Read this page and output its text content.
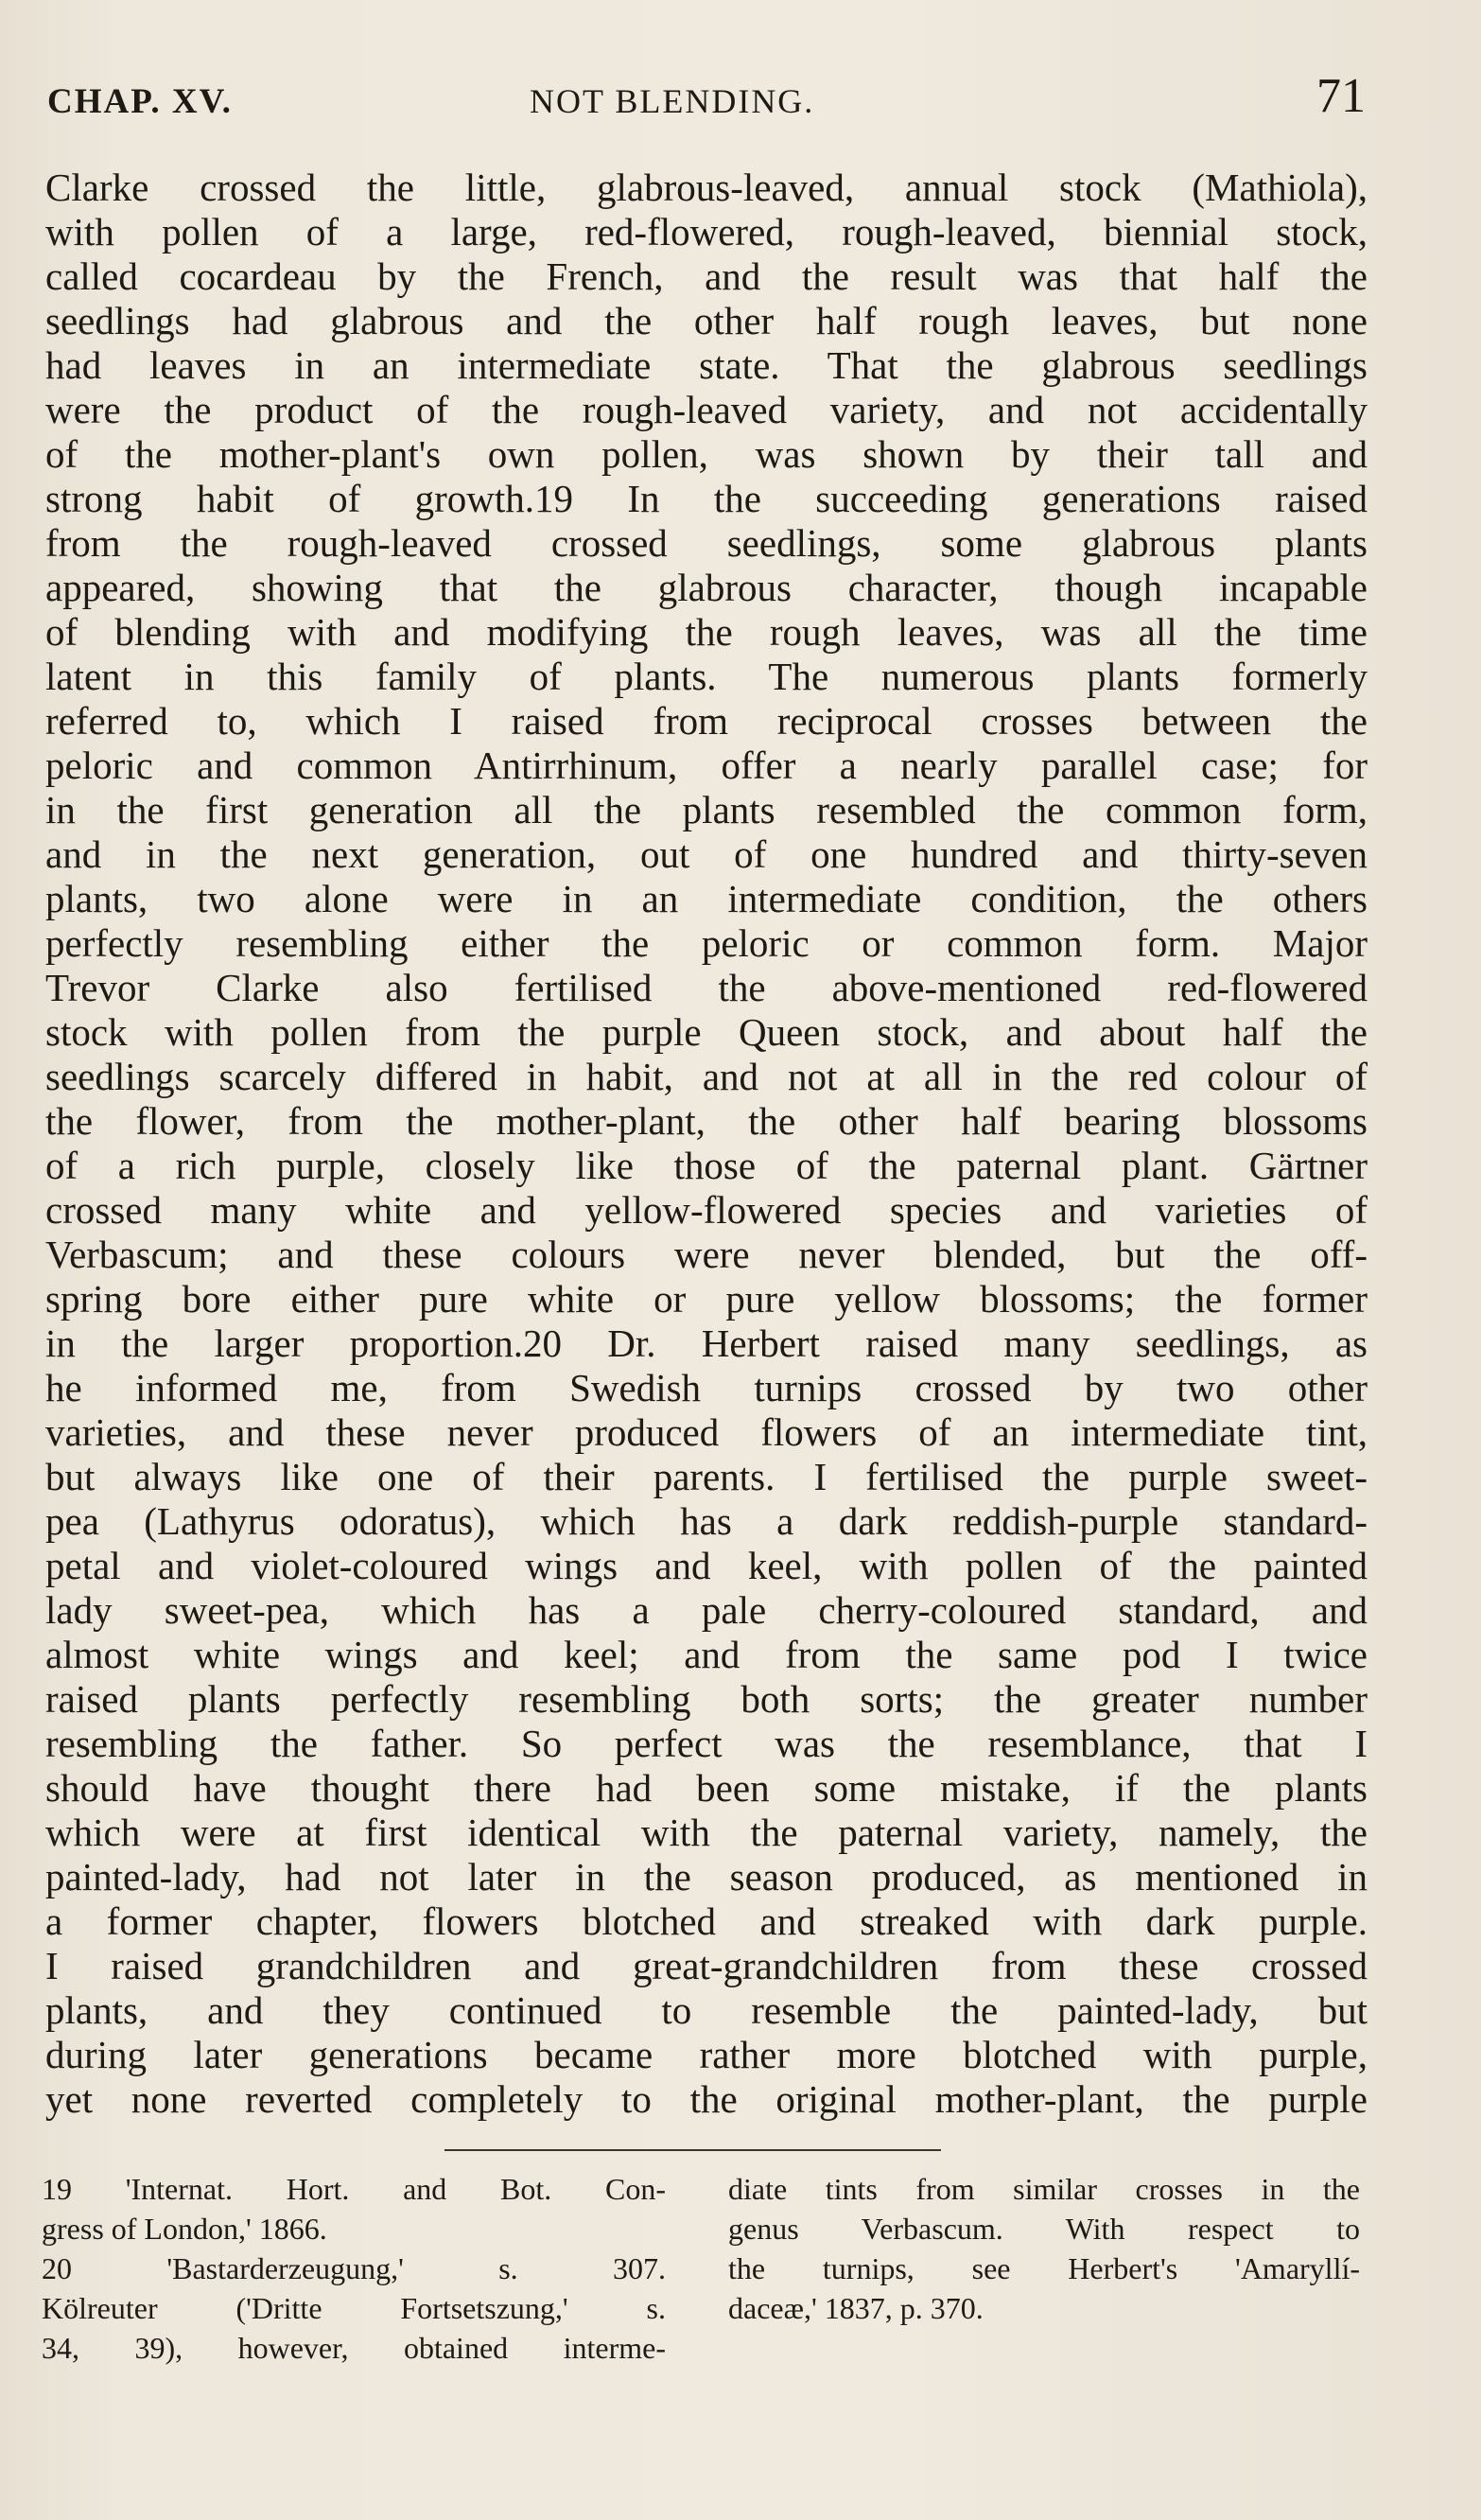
CHAP. XV.	NOT BLENDING.	71
Clarke crossed the little, glabrous-leaved, annual stock (Mathiola),
with pollen of a large, red-flowered, rough-leaved, biennial stock,
called cocardeau by the French, and the result was that half the
seedlings had glabrous and the other half rough leaves, but none
had leaves in an intermediate state. That the glabrous seedlings
were the product of the rough-leaved variety, and not accidentally
of the mother-plant's own pollen, was shown by their tall and
strong habit of growth.19 In the succeeding generations raised
from the rough-leaved crossed seedlings, some glabrous plants
appeared, showing that the glabrous character, though incapable
of blending with and modifying the rough leaves, was all the time
latent in this family of plants. The numerous plants formerly
referred to, which I raised from reciprocal crosses between the
peloric and common Antirrhinum, offer a nearly parallel case; for
in the first generation all the plants resembled the common form,
and in the next generation, out of one hundred and thirty-seven
plants, two alone were in an intermediate condition, the others
perfectly resembling either the peloric or common form. Major
Trevor Clarke also fertilised the above-mentioned red-flowered
stock with pollen from the purple Queen stock, and about half the
seedlings scarcely differed in habit, and not at all in the red colour of
the flower, from the mother-plant, the other half bearing blossoms
of a rich purple, closely like those of the paternal plant. Gärtner
crossed many white and yellow-flowered species and varieties of
Verbascum; and these colours were never blended, but the off-
spring bore either pure white or pure yellow blossoms; the former
in the larger proportion.20 Dr. Herbert raised many seedlings, as
he informed me, from Swedish turnips crossed by two other
varieties, and these never produced flowers of an intermediate tint,
but always like one of their parents. I fertilised the purple sweet-
pea (Lathyrus odoratus), which has a dark reddish-purple standard-
petal and violet-coloured wings and keel, with pollen of the painted
lady sweet-pea, which has a pale cherry-coloured standard, and
almost white wings and keel; and from the same pod I twice
raised plants perfectly resembling both sorts; the greater number
resembling the father. So perfect was the resemblance, that I
should have thought there had been some mistake, if the plants
which were at first identical with the paternal variety, namely, the
painted-lady, had not later in the season produced, as mentioned in
a former chapter, flowers blotched and streaked with dark purple.
I raised grandchildren and great-grandchildren from these crossed
plants, and they continued to resemble the painted-lady, but
during later generations became rather more blotched with purple,
yet none reverted completely to the original mother-plant, the purple
19 'Internat. Hort. and Bot. Con-
gress of London,' 1866.
20 'Bastarderzeugung,' s. 307.
Kölreuter ('Dritte Fortsetszung,' s.
34, 39), however, obtained interme-
diate tints from similar crosses in the
genus Verbascum. With respect to
the turnips, see Herbert's 'Amaryllí-
daceæ,' 1837, p. 370.
